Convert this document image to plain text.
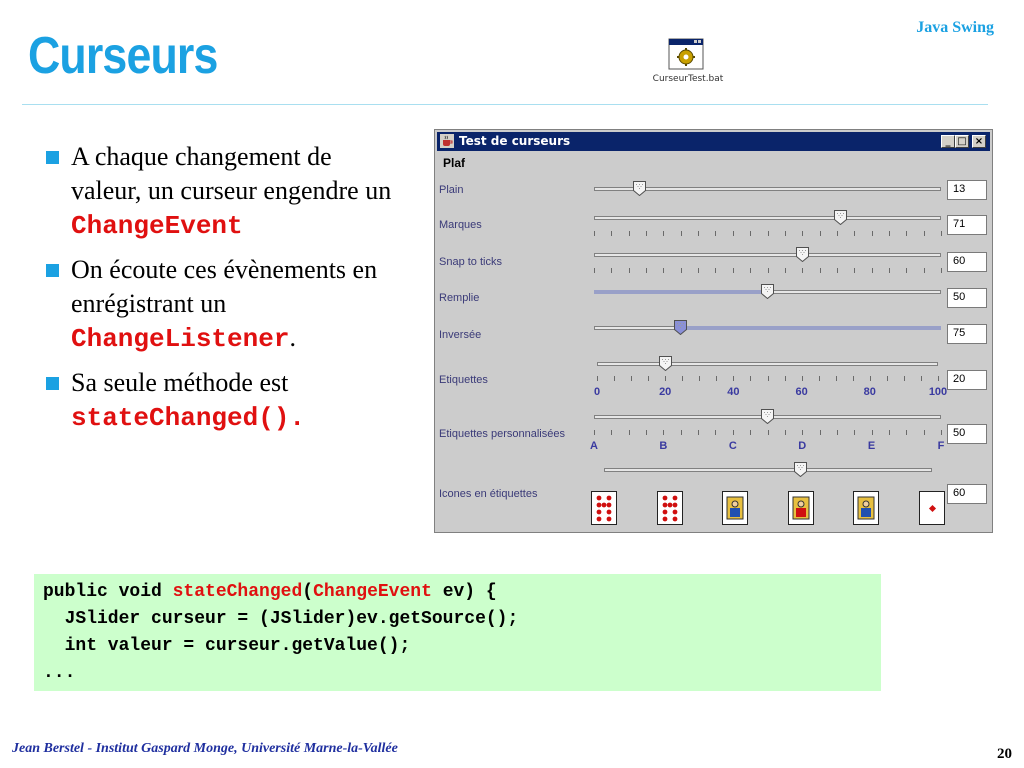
Curseurs	Java Swing
CurseurTest.bat
A chaque changement de valeur, un curseur engendre un ChangeEvent
On écoute ces évènements en enrégistrant un ChangeListener.
Sa seule méthode est stateChanged().
Test de curseurs	_ □ ×
Plaf
Plain	13
Marques	71
Snap to ticks	60
Remplie	50
Inversée	75
Etiquettes	20
Etiquettes personnalisées	50
Icones en étiquettes	60
0	20	40	60	80	100
A	B	C	D	E	F
public void stateChanged(ChangeEvent ev) {
JSlider curseur = (JSlider)ev.getSource();
int valeur = curseur.getValue();
...
Jean Berstel - Institut Gaspard Monge, Université Marne-la-Vallée	20
